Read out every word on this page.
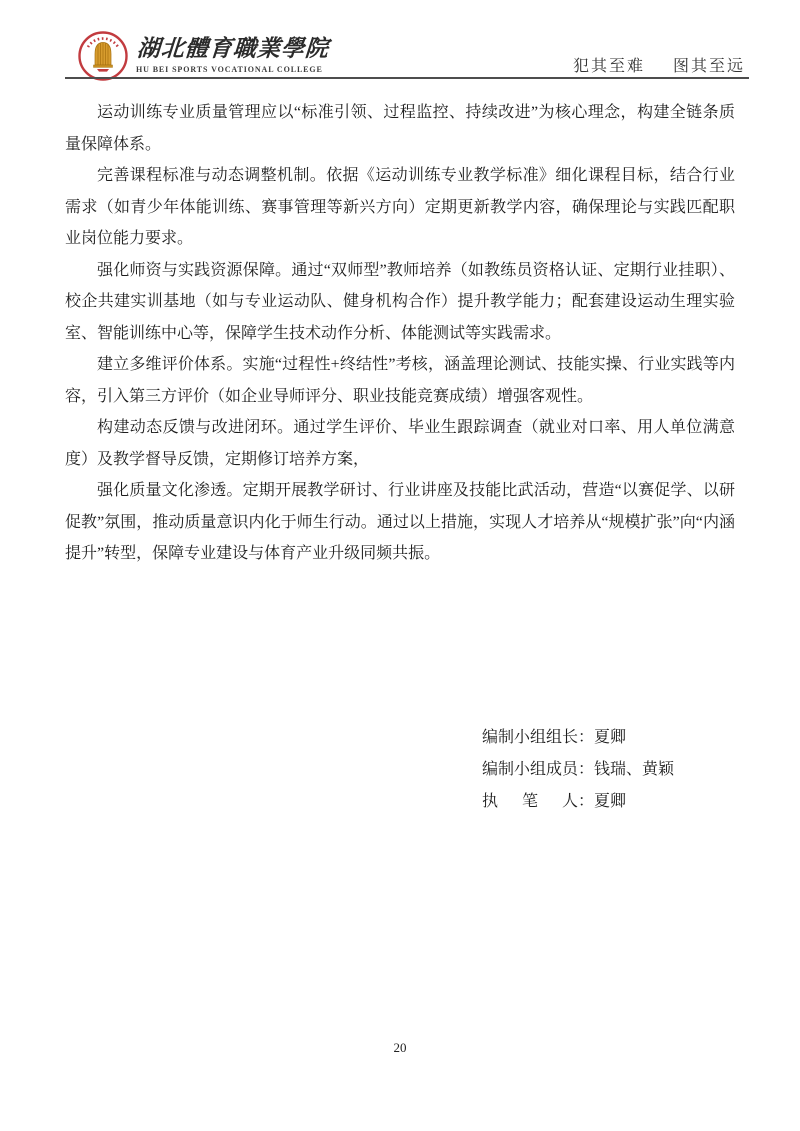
湖北體育職業學院
HU BEI SPORTS VOCATIONAL COLLEGE	犯其至难 图其至远

运动训练专业质量管理应以“标准引领、过程监控、持续改进”为核心理念，构建全链条质量保障体系。

完善课程标准与动态调整机制。依据《运动训练专业教学标准》细化课程目标，结合行业需求（如青少年体能训练、赛事管理等新兴方向）定期更新教学内容，确保理论与实践匹配职业岗位能力要求。

强化师资与实践资源保障。通过“双师型”教师培养（如教练员资格认证、定期行业挂职）、校企共建实训基地（如与专业运动队、健身机构合作）提升教学能力；配套建设运动生理实验室、智能训练中心等，保障学生技术动作分析、体能测试等实践需求。

建立多维评价体系。实施“过程性+终结性”考核，涵盖理论测试、技能实操、行业实践等内容，引入第三方评价（如企业导师评分、职业技能竞赛成绩）增强客观性。

构建动态反馈与改进闭环。通过学生评价、毕业生跟踪调查（就业对口率、用人单位满意度）及教学督导反馈，定期修订培养方案，

强化质量文化渗透。定期开展教学研讨、行业讲座及技能比武活动，营造“以赛促学、以研促教”氛围，推动质量意识内化于师生行动。通过以上措施，实现人才培养从“规模扩张”向“内涵提升”转型，保障专业建设与体育产业升级同频共振。

编制小组组长：夏卿
编制小组成员：钱瑞、黄颖
执 笔 人 ：夏卿
20
